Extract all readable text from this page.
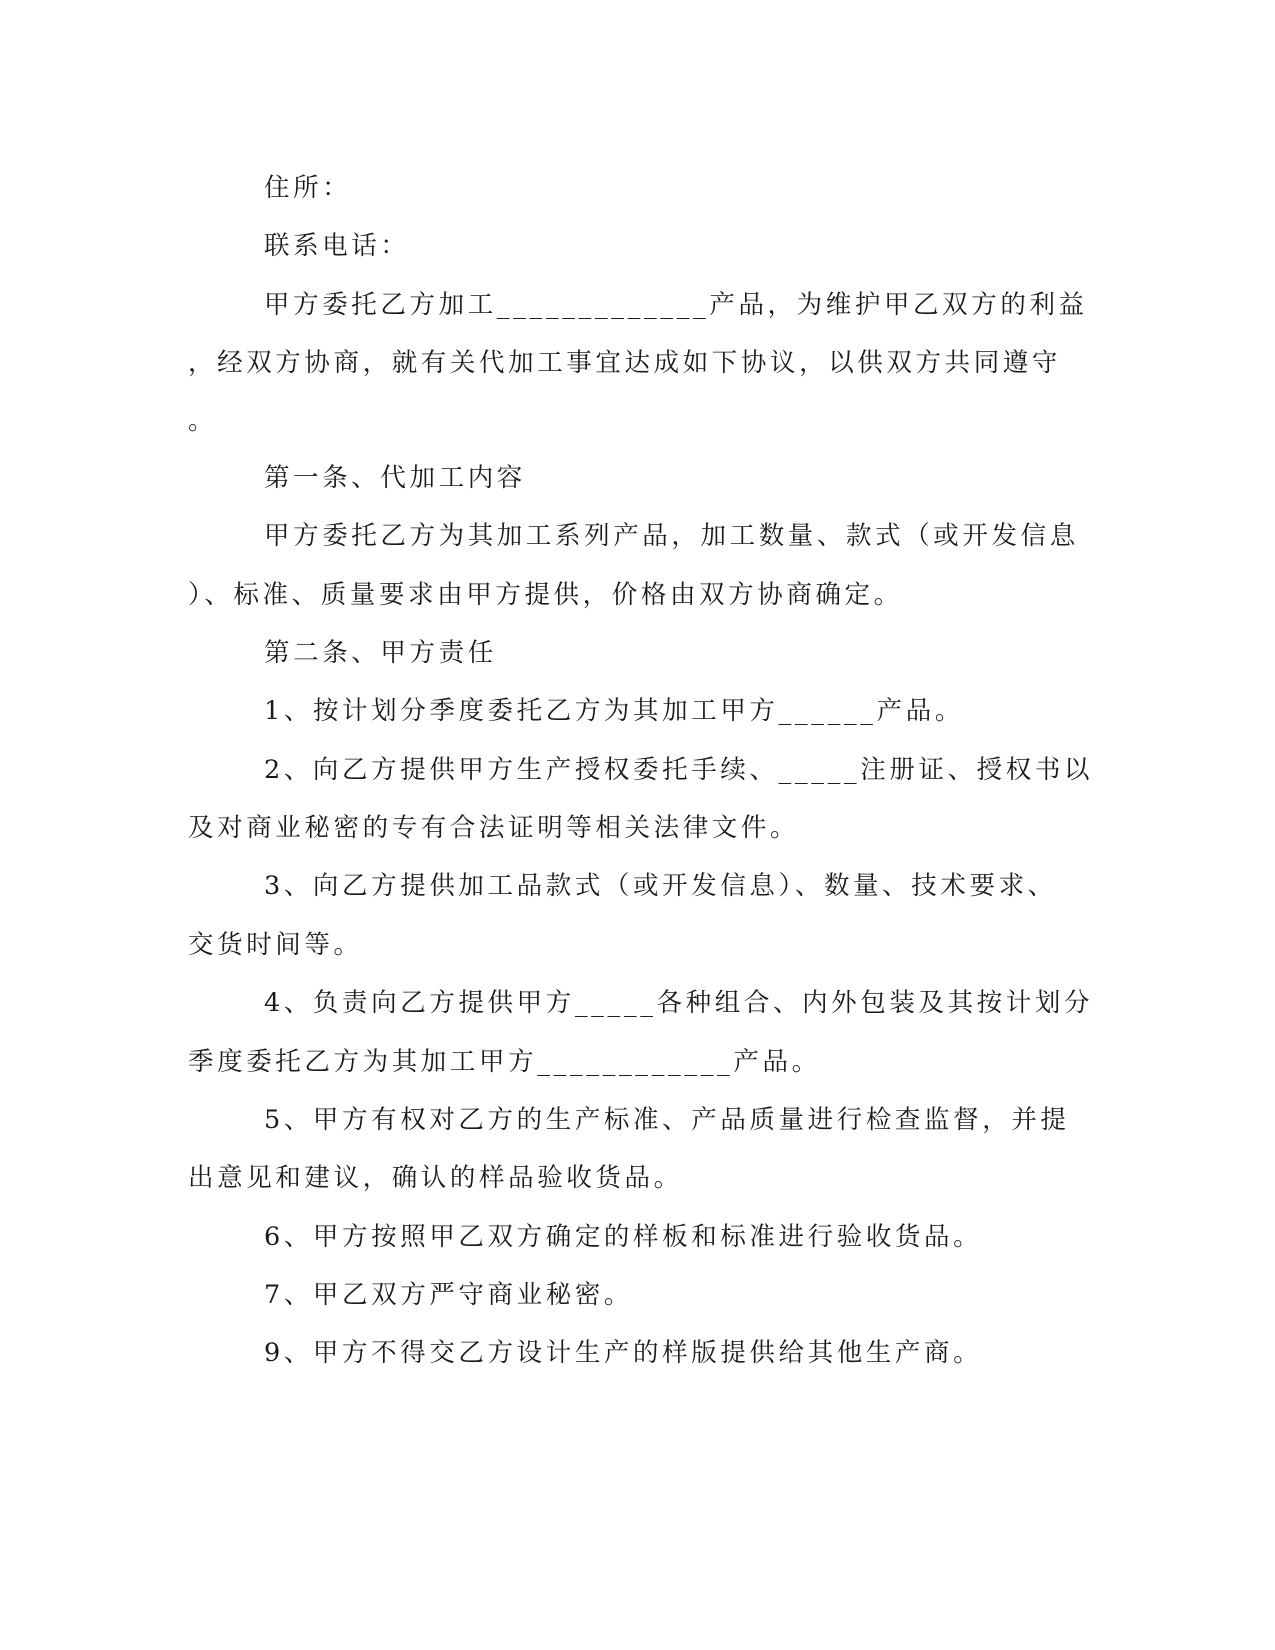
住所：
联系电话：
甲方委托乙方加工_____________产品，为维护甲乙双方的利益
，经双方协商，就有关代加工事宜达成如下协议，以供双方共同遵守
。
第一条、代加工内容
甲方委托乙方为其加工系列产品，加工数量、款式（或开发信息
）、标准、质量要求由甲方提供，价格由双方协商确定。
第二条、甲方责任
1、按计划分季度委托乙方为其加工甲方______产品。
2、向乙方提供甲方生产授权委托手续、_____注册证、授权书以
及对商业秘密的专有合法证明等相关法律文件。
3、向乙方提供加工品款式（或开发信息）、数量、技术要求、
交货时间等。
4、负责向乙方提供甲方_____各种组合、内外包装及其按计划分
季度委托乙方为其加工甲方____________产品。
5、甲方有权对乙方的生产标准、产品质量进行检查监督，并提
出意见和建议，确认的样品验收货品。
6、甲方按照甲乙双方确定的样板和标准进行验收货品。
7、甲乙双方严守商业秘密。
9、甲方不得交乙方设计生产的样版提供给其他生产商。
